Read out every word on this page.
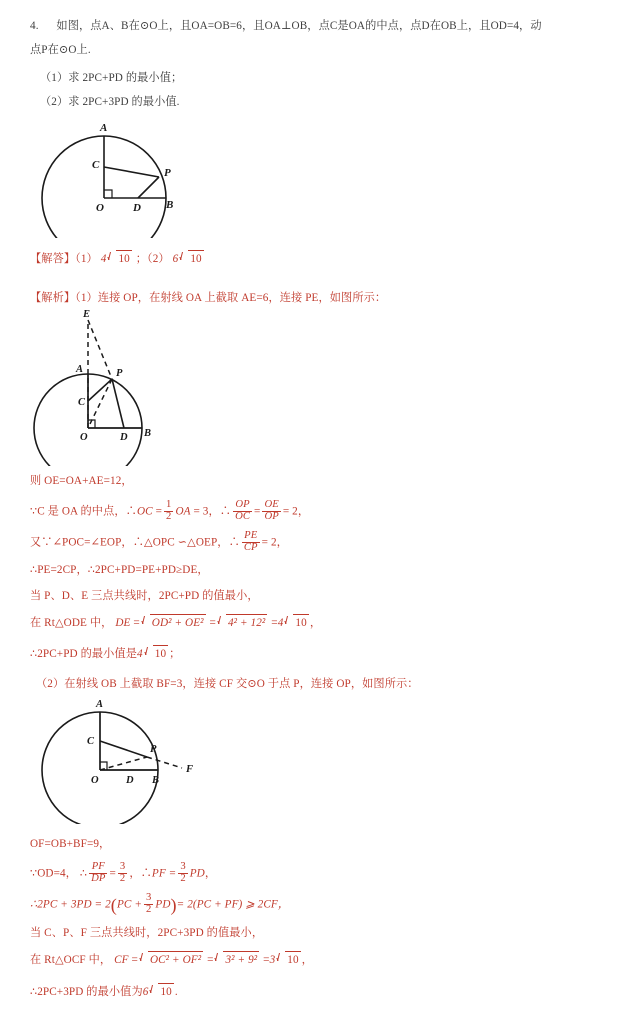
4. 如图，点A、B在⊙O上，且OA=OB=6，且OA⊥OB，点C是OA的中点，点D在OB上，且OD=4，动
点P在⊙O上.
（1）求 2PC+PD 的最小值；
（2）求 2PC+3PD 的最小值.
A
C
P
O	D B
【解答】（1） 4 10 ；（2） 6 10
【解析】（1）连接 OP，在射线 OA 上截取 AE=6，连接 PE，如图所示：
E
A	P
C
O	D B
则 OE=OA+AE=12，
∵C 是 OA 的中点，∴OC = $\frac{1}{2}$ OA = 3，∴ $\frac{OP}{OC} = \frac{OE}{OP} = 2$，
又∵∠POC=∠EOP，∴△OPC ∽△OEP，∴ $\frac{PE}{CP} = 2$，
∴PE=2CP，∴2PC+PD=PE+PD≥DE，
当 P、D、E 三点共线时，2PC+PD 的值最小，
在 Rt△ODE 中， DE = OD² + OE² = 4² + 12² =4 10 ，
∴2PC+PD 的最小值是4 10 ；
（2）在射线 OB 上截取 BF=3，连接 CF 交⊙O 于点 P，连接 OP，如图所示：
A
C
P
O	D B
F
OF=OB+BF=9，
∵OD=4， ∴ $\frac{PF}{DP} = \frac{3}{2}$ ，∴PF = $\frac{3}{2}$ PD，
∴2PC + $3PD = 2(PC + \frac{3}{2} PD)= 2(PC + PF)$ ⩾ 2CF，
当 C、P、F 三点共线时，2PC+3PD 的值最小，
在 Rt△OCF 中， CF = OC² + OF² = 3² + 9² =3 10 ，
∴2PC+3PD 的最小值为6 10 .
